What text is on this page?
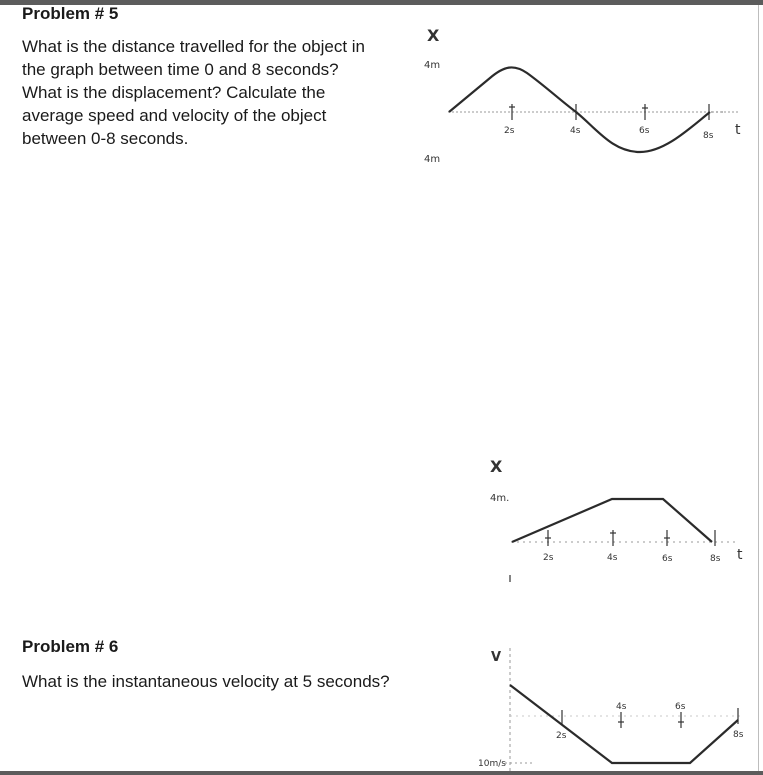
Problem # 5
What is the distance travelled for the object in
the graph between time 0 and 8 seconds?
What is the displacement? Calculate the
average speed and velocity of the object
between 0-8 seconds.
Problem # 6
What is the instantaneous velocity at 5 seconds?
X
4m
4m
2s	4s	6s	8s t
X
4m.
2s	4s	6s	8s t
V
2s
4s	6s
8s
10m/s
